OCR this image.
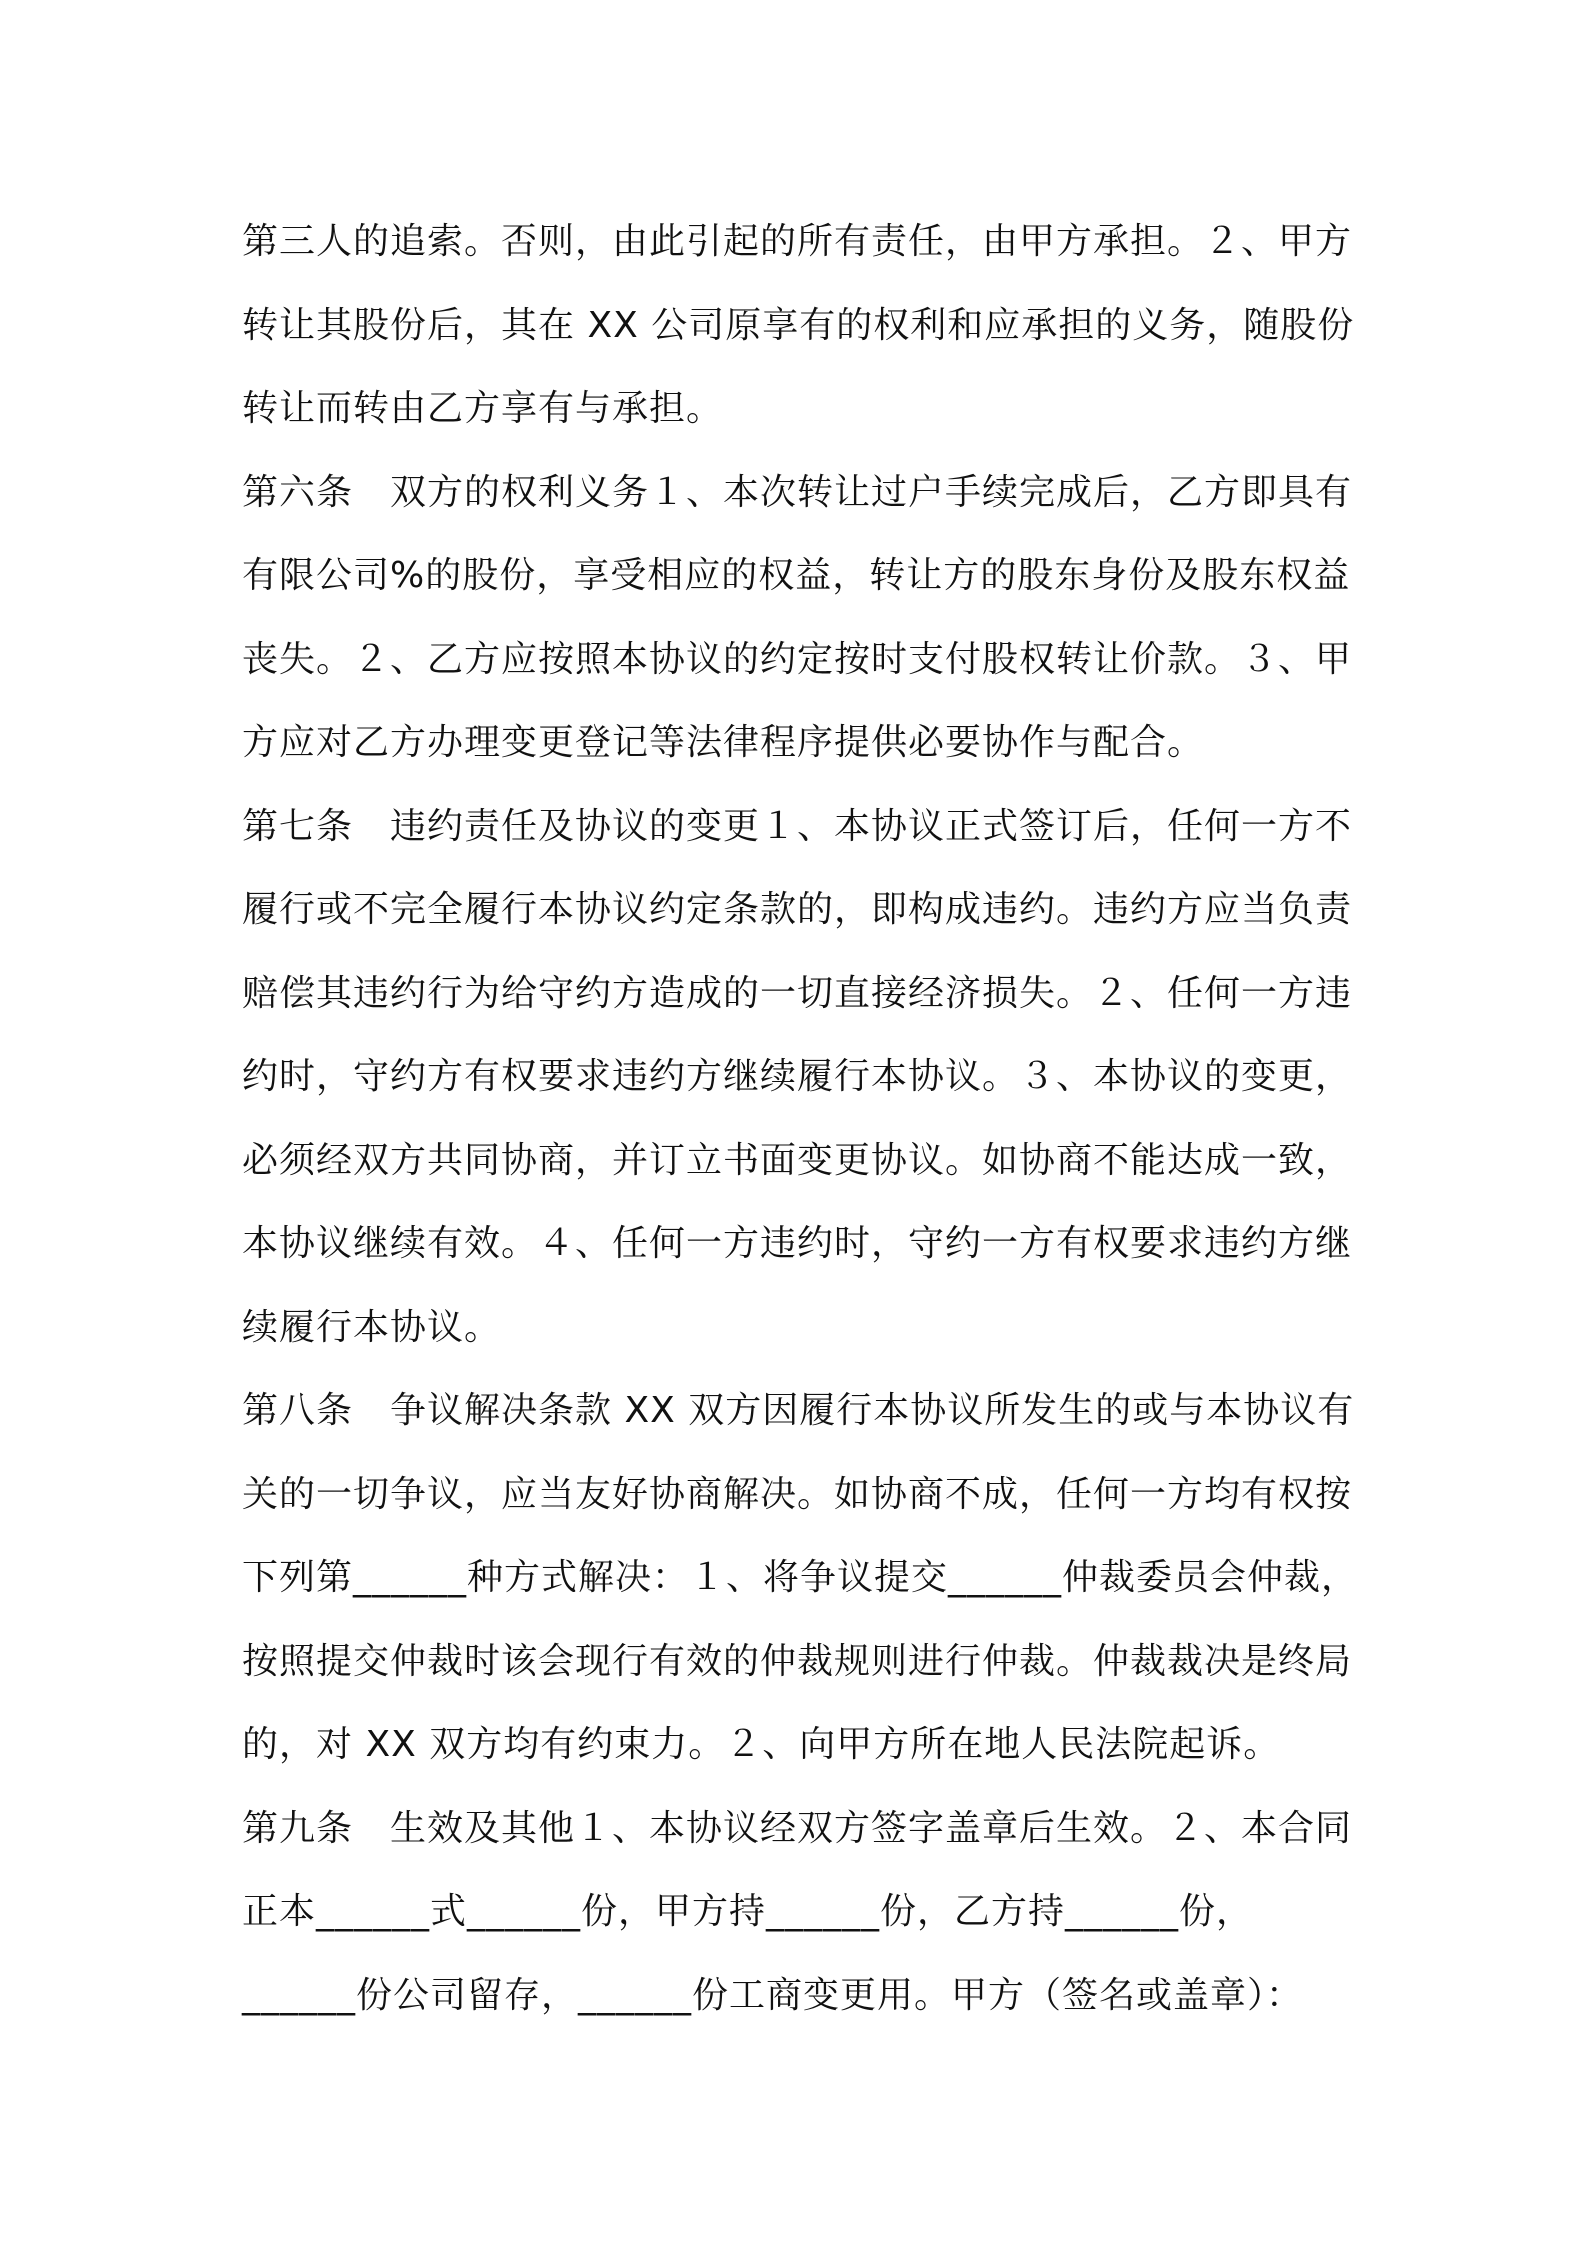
第三人的追索。否则，由此引起的所有责任，由甲方承担。２、甲方
转让其股份后，其在 XX 公司原享有的权利和应承担的义务，随股份
转让而转由乙方享有与承担。
第六条　双方的权利义务１、本次转让过户手续完成后，乙方即具有
有限公司%的股份，享受相应的权益，转让方的股东身份及股东权益
丧失。２、乙方应按照本协议的约定按时支付股权转让价款。３、甲
方应对乙方办理变更登记等法律程序提供必要协作与配合。
第七条　违约责任及协议的变更１、本协议正式签订后，任何一方不
履行或不完全履行本协议约定条款的，即构成违约。违约方应当负责
赔偿其违约行为给守约方造成的一切直接经济损失。２、任何一方违
约时，守约方有权要求违约方继续履行本协议。３、本协议的变更，
必须经双方共同协商，并订立书面变更协议。如协商不能达成一致，
本协议继续有效。４、任何一方违约时，守约一方有权要求违约方继
续履行本协议。
第八条　争议解决条款 XX 双方因履行本协议所发生的或与本协议有
关的一切争议，应当友好协商解决。如协商不成，任何一方均有权按
下列第______种方式解决：１、将争议提交______仲裁委员会仲裁，
按照提交仲裁时该会现行有效的仲裁规则进行仲裁。仲裁裁决是终局
的，对 XX 双方均有约束力。２、向甲方所在地人民法院起诉。
第九条　生效及其他１、本协议经双方签字盖章后生效。２、本合同
正本______式______份，甲方持______份，乙方持______份，
______份公司留存，______份工商变更用。甲方（签名或盖章）：
